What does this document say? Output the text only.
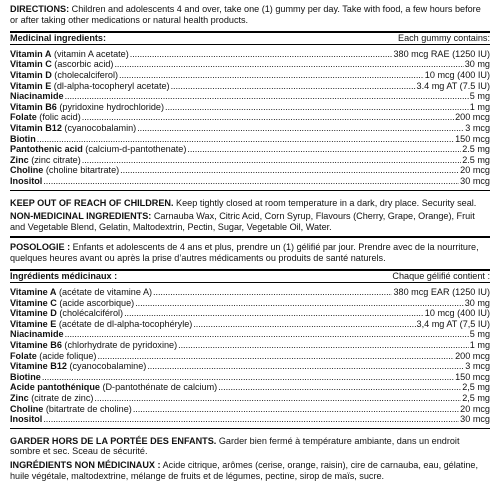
DIRECTIONS: Children and adolescents 4 and over, take one (1) gummy per day. Take with food, a few hours before or after taking other medications or natural health products.

Medicinal ingredients:	Each gummy contains:
Vitamin A (vitamin A acetate) . . .	380 mcg RAE (1250 IU)
Vitamin C (ascorbic acid) . . .	30 mg
Vitamin D (cholecalciferol) . . .	10 mcg (400 IU)
Vitamin E (dl-alpha-tocopheryl acetate) . . .	3.4 mg AT (7.5 IU)
Niacinamide . . .	5 mg
Vitamin B6 (pyridoxine hydrochloride) . . .	1 mg
Folate (folic acid) . . .	200 mcg
Vitamin B12 (cyanocobalamin) . . .	3 mcg
Biotin . . .	150 mcg
Pantothenic acid (calcium-d-pantothenate) . . .	2.5 mg
Zinc (zinc citrate) . . .	2.5 mg
Choline (choline bitartrate) . . .	20 mcg
Inositol . . .	30 mcg

KEEP OUT OF REACH OF CHILDREN. Keep tightly closed at room temperature in a dark, dry place. Security seal.

NON-MEDICINAL INGREDIENTS: Carnauba Wax, Citric Acid, Corn Syrup, Flavours (Cherry, Grape, Orange), Fruit and Vegetable Blend, Gelatin, Maltodextrin, Pectin, Sugar, Vegetable Oil, Water.

POSOLOGIE : Enfants et adolescents de 4 ans et plus, prendre un (1) gélifié par jour. Prendre avec de la nourriture, quelques heures avant ou après la prise d’autres médicaments ou produits de santé naturels.

Ingrédients médicinaux :	Chaque gélifié contient :
Vitamine A (acétate de vitamine A) . . .	380 mcg EAR (1250 IU)
Vitamine C (acide ascorbique) . . .	30 mg
Vitamine D (cholécalciférol) . . .	10 mcg (400 IU)
Vitamine E (acétate de dl-alpha-tocophéryle) . . .	3,4 mg AT (7,5 IU)
Niacinamide . . .	5 mg
Vitamine B6 (chlorhydrate de pyridoxine) . . .	1 mg
Folate (acide folique) . . .	200 mcg
Vitamine B12 (cyanocobalamine) . . .	3 mcg
Biotine . . .	150 mcg
Acide pantothénique (D-pantothénate de calcium) . . .	2,5 mg
Zinc (citrate de zinc) . . .	2,5 mg
Choline (bitartrate de choline) . . .	20 mcg
Inositol . . .	30 mcg

GARDER HORS DE LA PORTÉE DES ENFANTS. Garder bien fermé à température ambiante, dans un endroit sombre et sec. Sceau de sécurité.

INGRÉDIENTS NON MÉDICINAUX : Acide citrique, arômes (cerise, orange, raisin), cire de carnauba, eau, gélatine, huile végétale, maltodextrine, mélange de fruits et de légumes, pectine, sirop de maïs, sucre.
